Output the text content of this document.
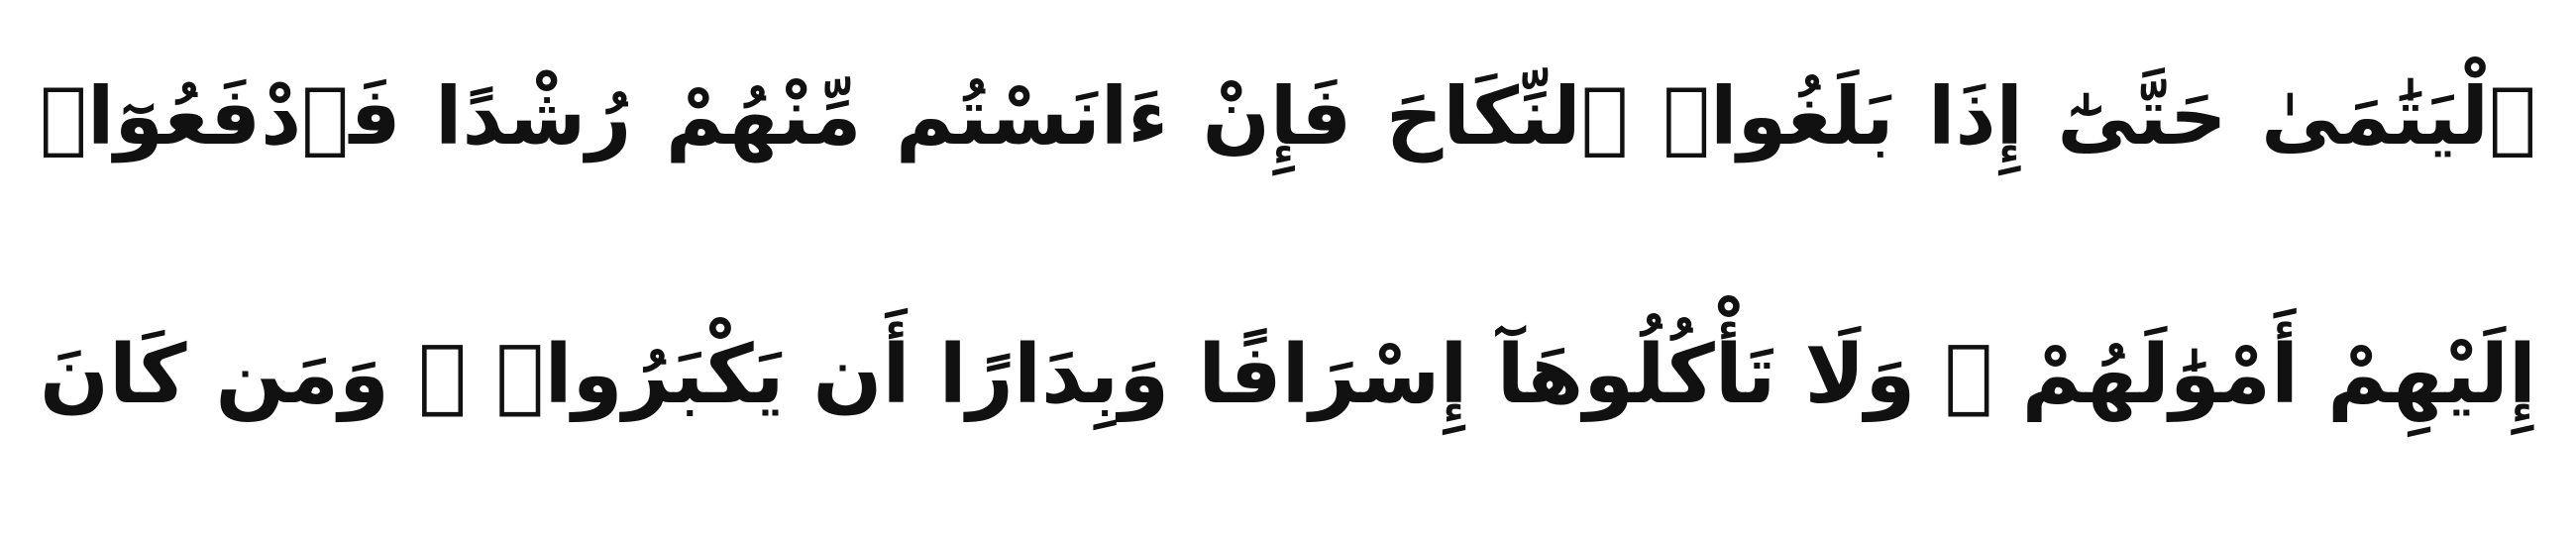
ٱلْيَتَٰمَىٰ حَتَّىٰٓ إِذَا بَلَغُوا۟ ٱلنِّكَاحَ فَإِنْ ءَانَسْتُم مِّنْهُمْ رُشْدًا فَٱدْفَعُوٓا۟
إِلَيْهِمْ أَمْوَٰلَهُمْ ۖ وَلَا تَأْكُلُوهَآ إِسْرَافًا وَبِدَارًا أَن يَكْبَرُوا۟ ۚ وَمَن كَانَ
